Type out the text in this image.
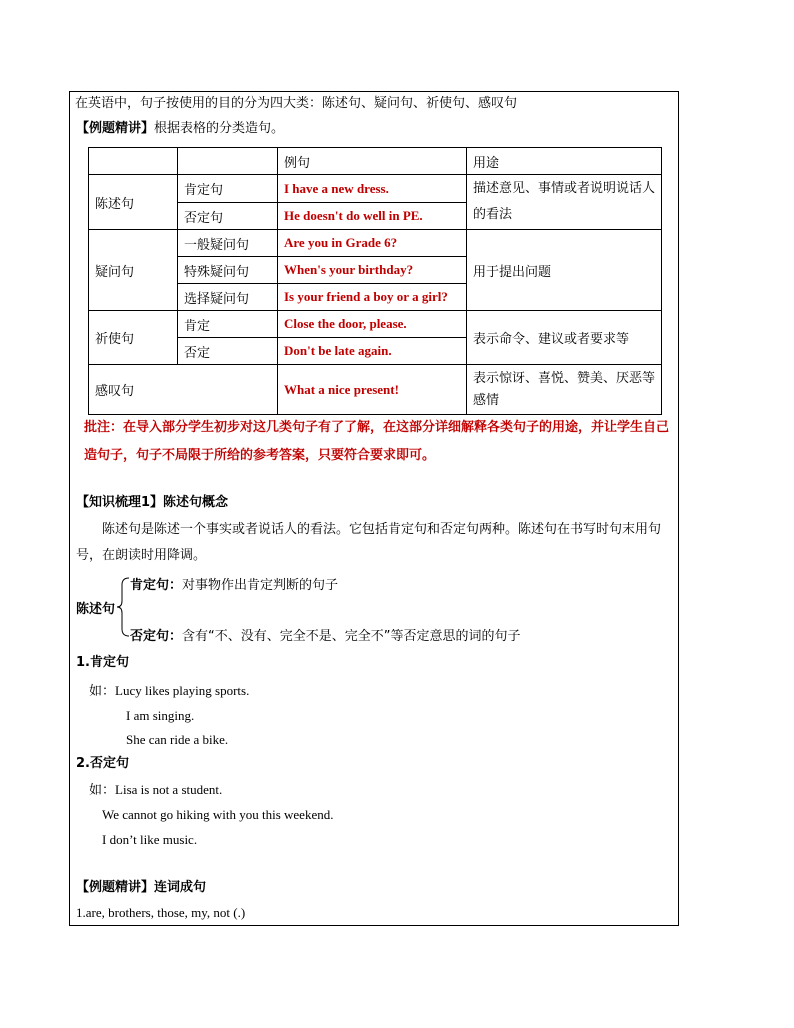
在英语中，句子按使用的目的分为四大类：陈述句、疑问句、祈使句、感叹句
【例题精讲】根据表格的分类造句。
		例句	用途
陈述句	肯定句	I have a new dress.	描述意见、事情或者说明说话人的看法
	否定句	He doesn't do well in PE.	
疑问句	一般疑问句	Are you in Grade 6?	用于提出问题
	特殊疑问句	When's your birthday?	
	选择疑问句	Is your friend a boy or a girl?	
祈使句	肯定	Close the door, please.	表示命令、建议或者要求等
	否定	Don't be late again.	
感叹句		What a nice present!	表示惊讶、喜悦、赞美、厌恶等感情
批注：在导入部分学生初步对这几类句子有了了解，在这部分详细解释各类句子的用途，并让学生自己造句子，句子不局限于所给的参考答案，只要符合要求即可。
【知识梳理1】陈述句概念
陈述句是陈述一个事实或者说话人的看法。它包括肯定句和否定句两种。陈述句在书写时句末用句号，在朗读时用降调。
陈述句
肯定句：对事物作出肯定判断的句子
否定句：含有“不、没有、完全不是、完全不”等否定意思的词的句子
1.肯定句
如：Lucy likes playing sports.
I am singing.
She can ride a bike.
2.否定句
如：Lisa is not a student.
We cannot go hiking with you this weekend.
I don’t like music.
【例题精讲】连词成句
1.are, brothers, those, my, not (.)
